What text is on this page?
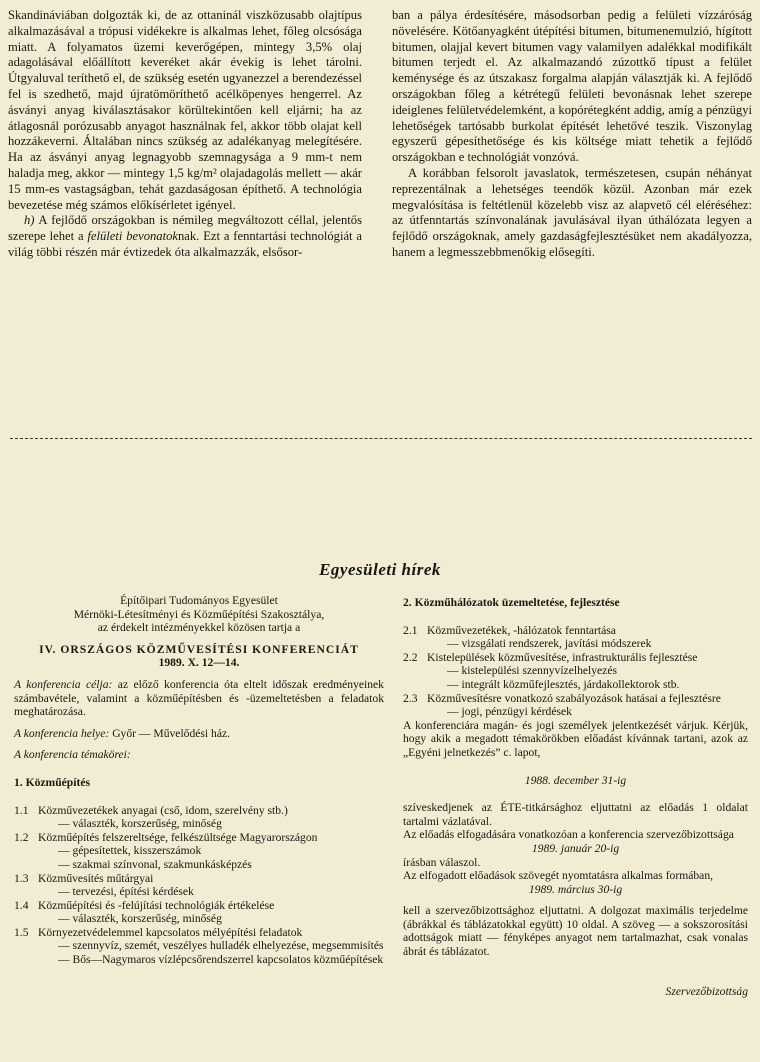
Skandináviában dolgozták ki, de az ottaninál viszközusabb olajtípus alkalmazásával a trópusi vidékekre is alkalmas lehet, főleg olcsósága miatt. A folyamatos üzemi keverőgépen, mintegy 3,5% olaj adagolásával előállított keveréket akár évekig is lehet tárolni. Útgyaluval teríthető el, de szükség esetén ugyanezzel a berendezéssel fel is szedhető, majd újratömöríthető acélköpenyes hengerrel. Az ásványi anyag kiválasztásakor körültekintően kell eljárni; ha az átlagosnál porózusabb anyagot használnak fel, akkor több olajat kell hozzákeverni. Általában nincs szükség az adalékanyag melegítésére. Ha az ásványi anyag legnagyobb szemnagysága a 9 mm-t nem haladja meg, akkor — mintegy 1,5 kg/m² olajadagolás mellett — akár 15 mm-es vastagságban, tehát gazdaságosan építhető. A technológia bevezetése még számos előkísérletet igényel.

h) A fejlődő országokban is némileg megváltozott céllal, jelentős szerepe lehet a felületi bevonatoknak. Ezt a fenntartási technológiát a világ többi részén már évtizedek óta alkalmazzák, elsősor-

ban a pálya érdesítésére, másodsorban pedig a felületi vízzáróság növelésére. Kötőanyagként útépítési bitumen, bitumenemulzió, hígított bitumen, olajjal kevert bitumen vagy valamilyen adalékkal modifikált bitumen terjedt el. Az alkalmazandó zúzottkő típust a felület keménysége és az útszakasz forgalma alapján választják ki. A fejlődő országokban főleg a kétrétegű felületi bevonásnak lehet szerepe ideiglenes felületvédelemként, a kopórétegként addig, amíg a pénzügyi lehetőségek tartósabb burkolat építését lehetővé teszik. Viszonylag egyszerű gépesíthetősége és kis költsége miatt tehetik a fejlődő országokban e technológiát vonzóvá.

A korábban felsorolt javaslatok, természetesen, csupán néhányat reprezentálnak a lehetséges teendők közül. Azonban már ezek megvalósítása is feltétlenül közelebb visz az alapvető cél eléréséhez: az útfenntartás színvonalának javulásával ilyan úthálózata legyen a fejlődő országoknak, amely gazdaságfejlesztésüket nem akadályozza, hanem a legmesszebbmenőkig elősegíti.

Egyesületi hírek
Építőipari Tudományos Egyesület
Mérnöki-Létesítményi és Közműépítési Szakosztálya,
az érdekelt intézményekkel közösen tartja a
IV. ORSZÁGOS KÖZMŰVESÍTÉSI KONFERENCIÁT
1989. X. 12—14.
A konferencia célja: az előző konferencia óta eltelt időszak eredményeinek számbavétele, valamint a közműépítésben és -üzemeltetésben a feladatok meghatározása.
A konferencia helye: Győr — Művelődési ház.
A konferencia témakörei:
1. Közműépítés
1.1 Közművezetékek anyagai (cső, idom, szerelvény stb.)
— választék, korszerűség, minőség
1.2 Közműépítés felszereltsége, felkészültsége Magyarországon
— gépesítettek, kisszerszámok
— szakmai színvonal, szakmunkásképzés
1.3 Közművesítés műtárgyai
— tervezési, építési kérdések
1.4 Közműépítési és -felújítási technológiák értékelése
— választék, korszerűség, minőség
1.5 Környezetvédelemmel kapcsolatos mélyépítési feladatok
— szennyvíz, szemét, veszélyes hulladék elhelyezése, megsemmisítés
— Bős—Nagymaros vízlépcsőrendszerrel kapcsolatos közműépítések
2. Közműhálózatok üzemeltetése, fejlesztése
2.1 Közművezetékek, -hálózatok fenntartása
— vizsgálati rendszerek, javítási módszerek
2.2 Kistelepülések közművesítése, infrastrukturális fejlesztése
— kistelepülési szennyvízelhelyezés
— integrált közműfejlesztés, járdakollektorok stb.
2.3 Közművesítésre vonatkozó szabályozások hatásai a fejlesztésre
— jogi, pénzügyi kérdések
A konferenciára magán- és jogi személyek jelentkezését várjuk. Kérjük, hogy akik a megadott témakörökben előadást kívánnak tartani, azok az „Egyéni jelnetkezés” c. lapot,
1988. december 31-ig
szíveskedjenek az ÉTE-titkársághoz eljuttatni az előadás 1 oldalat tartalmi vázlatával.
Az előadás elfogadására vonatkozóan a konferencia szervezőbizottsága
1989. január 20-ig
írásban válaszol.
Az elfogadott előadások szövegét nyomtatásra alkalmas formában,
1989. március 30-ig
kell a szervezőbizottsághoz eljuttatni. A dolgozat maximális terjedelme (ábrákkal és táblázatokkal együtt) 10 oldal. A szöveg — a sokszorosítási adottságok miatt — fényképes anyagot nem tartalmazhat, csak vonalas ábrát és táblázatot.
Szervezőbizottság
